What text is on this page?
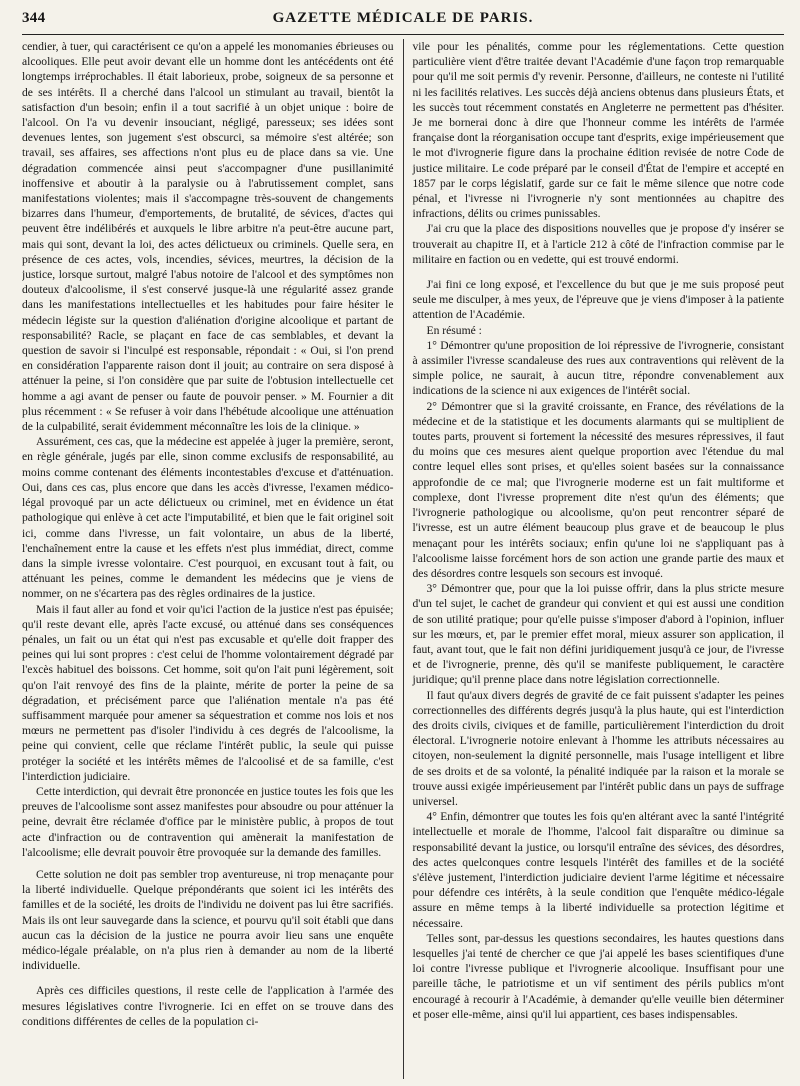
344	GAZETTE MÉDICALE DE PARIS.

cendier, à tuer, qui caractérisent ce qu'on a appelé les monomanies ébrieuses ou alcooliques. Elle peut avoir devant elle un homme dont les antécédents ont été longtemps irréprochables. Il était laborieux, probe, soigneux de sa personne et de ses intérêts. Il a cherché dans l'alcool un stimulant au travail, bientôt la satisfaction d'un besoin; enfin il a tout sacrifié à un objet unique : boire de l'alcool. On l'a vu devenir insouciant, négligé, paresseux; ses idées sont devenues lentes, son jugement s'est obscurci, sa mémoire s'est altérée; son travail, ses affaires, ses affections n'ont plus eu de place dans sa vie. Une dégradation commencée ainsi peut s'accompagner d'une pusillanimité inoffensive et aboutir à la paralysie ou à l'abrutissement complet, sans manifestations violentes; mais il s'accompagne très-souvent de changements bizarres dans l'humeur, d'emportements, de brutalité, de sévices, d'actes qui peuvent être indélibérés et auxquels le libre arbitre n'a peut-être aucune part, mais qui sont, devant la loi, des actes délictueux ou criminels. Quelle sera, en présence de ces actes, vols, incendies, sévices, meurtres, la décision de la justice, lorsque surtout, malgré l'abus notoire de l'alcool et des symptômes non douteux d'alcoolisme, il s'est conservé jusque-là une régularité assez grande dans les manifestations intellectuelles et les habitudes pour faire hésiter le médecin légiste sur la question d'aliénation d'origine alcoolique et partant de responsabilité? Racle, se plaçant en face de cas semblables, et devant la question de savoir si l'inculpé est responsable, répondait : « Oui, si l'on prend en considération l'apparente raison dont il jouit; au contraire on sera disposé à atténuer la peine, si l'on considère que par suite de l'obtusion intellectuelle cet homme a agi avant de penser ou faute de pouvoir penser. » M. Fournier a dit plus récemment : « Se refuser à voir dans l'hébétude alcoolique une atténuation de la culpabilité, serait évidemment méconnaître les lois de la clinique. »

Assurément, ces cas, que la médecine est appelée à juger la première, seront, en règle générale, jugés par elle, sinon comme exclusifs de responsabilité, au moins comme contenant des éléments incontestables d'excuse et d'atténuation. Oui, dans ces cas, plus encore que dans les accès d'ivresse, l'examen médico-légal provoqué par un acte délictueux ou criminel, met en évidence un état pathologique qui enlève à cet acte l'imputabilité, et bien que le fait originel soit ici, comme dans l'ivresse, un fait volontaire, un abus de la liberté, l'enchaînement entre la cause et les effets n'est plus immédiat, direct, comme dans la simple ivresse volontaire. C'est pourquoi, en excusant tout à fait, ou atténuant les peines, comme le demandent les médecins que je viens de nommer, on ne s'écartera pas des règles ordinaires de la justice.

Mais il faut aller au fond et voir qu'ici l'action de la justice n'est pas épuisée; qu'il reste devant elle, après l'acte excusé, ou atténué dans ses conséquences pénales, un fait ou un état qui n'est pas excusable et qu'elle doit frapper des peines qui lui sont propres : c'est celui de l'homme volontairement dégradé par l'excès habituel des boissons. Cet homme, soit qu'on l'ait puni légèrement, soit qu'on l'ait renvoyé des fins de la plainte, mérite de porter la peine de sa dégradation, et précisément parce que l'aliénation mentale n'a pas été suffisamment marquée pour amener sa séquestration et comme nos lois et nos mœurs ne permettent pas d'isoler l'individu à ces degrés de l'alcoolisme, la peine qui convient, celle que réclame l'intérêt public, la seule qui puisse protéger la société et les intérêts mêmes de l'alcoolisé et de sa famille, c'est l'interdiction judiciaire.

Cette interdiction, qui devrait être prononcée en justice toutes les fois que les preuves de l'alcoolisme sont assez manifestes pour absoudre ou pour atténuer la peine, devrait être réclamée d'office par le ministère public, à propos de tout acte d'infraction ou de contravention qui amènerait la manifestation de l'alcoolisme; elle devrait pouvoir être provoquée sur la demande des familles.

Cette solution ne doit pas sembler trop aventureuse, ni trop menaçante pour la liberté individuelle. Quelque prépondérants que soient ici les intérêts des familles et de la société, les droits de l'individu ne doivent pas lui être sacrifiés. Mais ils ont leur sauvegarde dans la science, et pourvu qu'il soit établi que dans aucun cas la décision de la justice ne pourra avoir lieu sans une enquête médico-légale préalable, on n'a plus rien à demander au nom de la liberté individuelle.

Après ces difficiles questions, il reste celle de l'application à l'armée des mesures législatives contre l'ivrognerie. Ici en effet on se trouve dans des conditions différentes de celles de la population ci-

vile pour les pénalités, comme pour les réglementations. Cette question particulière vient d'être traitée devant l'Académie d'une façon trop remarquable pour qu'il me soit permis d'y revenir. Personne, d'ailleurs, ne conteste ni l'utilité ni les facilités relatives. Les succès déjà anciens obtenus dans plusieurs États, et les succès tout récemment constatés en Angleterre ne permettent pas d'hésiter. Je me bornerai donc à dire que l'honneur comme les intérêts de l'armée française dont la réorganisation occupe tant d'esprits, exige impérieusement que le mot d'ivrognerie figure dans la prochaine édition revisée de notre Code de justice militaire. Le code préparé par le conseil d'État de l'empire et accepté en 1857 par le corps législatif, garde sur ce fait le même silence que notre code pénal, et l'ivresse ni l'ivrognerie n'y sont mentionnées au chapitre des infractions, délits ou crimes punissables.

J'ai cru que la place des dispositions nouvelles que je propose d'y insérer se trouverait au chapitre II, et à l'article 212 à côté de l'infraction commise par le militaire en faction ou en vedette, qui est trouvé endormi.

J'ai fini ce long exposé, et l'excellence du but que je me suis proposé peut seule me disculper, à mes yeux, de l'épreuve que je viens d'imposer à la patiente attention de l'Académie.

En résumé :

1° Démontrer qu'une proposition de loi répressive de l'ivrognerie, consistant à assimiler l'ivresse scandaleuse des rues aux contraventions qui relèvent de la simple police, ne saurait, à aucun titre, répondre convenablement aux indications de la science ni aux exigences de l'intérêt social.

2° Démontrer que si la gravité croissante, en France, des révélations de la médecine et de la statistique et les documents alarmants qui se multiplient de toutes parts, prouvent si fortement la nécessité des mesures répressives, il faut du moins que ces mesures aient quelque proportion avec l'étendue du mal contre lequel elles sont prises, et qu'elles soient basées sur la connaissance approfondie de ce mal; que l'ivrognerie moderne est un fait multiforme et complexe, dont l'ivresse proprement dite n'est qu'un des éléments; que l'ivrognerie pathologique ou alcoolisme, qu'on peut rencontrer séparé de l'ivresse, est un autre élément beaucoup plus grave et de beaucoup le plus menaçant pour les intérêts sociaux; enfin qu'une loi ne s'appliquant pas à l'alcoolisme laisse forcément hors de son action une grande partie des maux et des désordres contre lesquels son secours est invoqué.

3° Démontrer que, pour que la loi puisse offrir, dans la plus stricte mesure d'un tel sujet, le cachet de grandeur qui convient et qui est aussi une condition de son utilité pratique; pour qu'elle puisse s'imposer d'abord à l'opinion, influer sur les mœurs, et, par le premier effet moral, mieux assurer son application, il faut, avant tout, que le fait non défini juridiquement jusqu'à ce jour, de l'ivresse et de l'ivrognerie, prenne, dès qu'il se manifeste publiquement, le caractère juridique; qu'il prenne place dans notre législation correctionnelle.

Il faut qu'aux divers degrés de gravité de ce fait puissent s'adapter les peines correctionnelles des différents degrés jusqu'à la plus haute, qui est l'interdiction des droits civils, civiques et de famille, particulièrement l'interdiction du droit électoral. L'ivrognerie notoire enlevant à l'homme les attributs nécessaires au citoyen, non-seulement la dignité personnelle, mais l'usage intelligent et libre de ses droits et de sa volonté, la pénalité indiquée par la raison et la morale se trouve aussi exigée impérieusement par l'intérêt public dans un pays de suffrage universel.

4° Enfin, démontrer que toutes les fois qu'en altérant avec la santé l'intégrité intellectuelle et morale de l'homme, l'alcool fait disparaître ou diminue sa responsabilité devant la justice, ou lorsqu'il entraîne des sévices, des désordres, des actes quelconques contre lesquels l'intérêt des familles et de la société s'élève justement, l'interdiction judiciaire devient l'arme légitime et nécessaire pour défendre ces intérêts, à la seule condition que l'enquête médico-légale assure en même temps à la liberté individuelle sa protection légitime et nécessaire.

Telles sont, par-dessus les questions secondaires, les hautes questions dans lesquelles j'ai tenté de chercher ce que j'ai appelé les bases scientifiques d'une loi contre l'ivresse publique et l'ivrognerie alcoolique. Insuffisant pour une pareille tâche, le patriotisme et un vif sentiment des périls publics m'ont encouragé à recourir à l'Académie, à demander qu'elle veuille bien déterminer et poser elle-même, ainsi qu'il lui appartient, ces bases indispensables.
